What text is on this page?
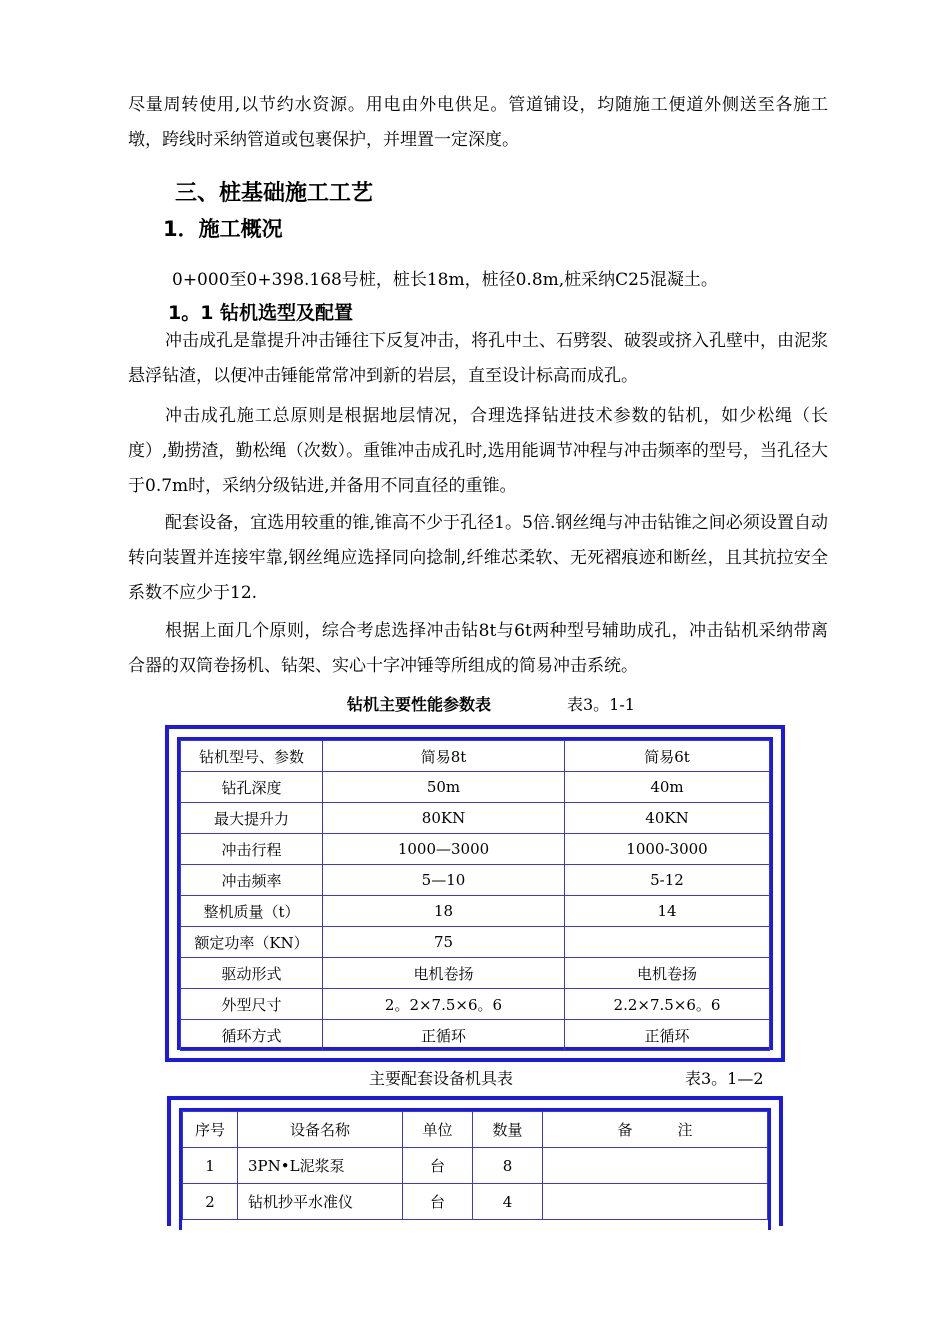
尽量周转使用,以节约水资源。用电由外电供足。管道铺设，均随施工便道外侧送至各施工墩，跨线时采纳管道或包裹保护，并埋置一定深度。

三、桩基础施工工艺
1．施工概况

0+000至0+398.168号桩，桩长18m，桩径0.8m,桩采纳C25混凝土。

1。1 钻机选型及配置

冲击成孔是靠提升冲击锤往下反复冲击，将孔中土、石劈裂、破裂或挤入孔壁中，由泥浆悬浮钻渣，以便冲击锤能常常冲到新的岩层，直至设计标高而成孔。

冲击成孔施工总原则是根据地层情况，合理选择钻进技术参数的钻机，如少松绳（长度）,勤捞渣，勤松绳（次数）。重锥冲击成孔时,选用能调节冲程与冲击频率的型号，当孔径大于0.7m时，采纳分级钻进,并备用不同直径的重锥。

配套设备，宜选用较重的锥,锥高不少于孔径1。5倍.钢丝绳与冲击钻锥之间必须设置自动转向装置并连接牢靠,钢丝绳应选择同向捻制,纤维芯柔软、无死褶痕迹和断丝，且其抗拉安全系数不应少于12.

根据上面几个原则，综合考虑选择冲击钻8t与6t两种型号辅助成孔，冲击钻机采纳带离合器的双筒卷扬机、钻架、实心十字冲锤等所组成的简易冲击系统。

钻机主要性能参数表	表3。1-1
钻机型号、参数	简易8t	简易6t
钻孔深度	50m	40m
最大提升力	80KN	40KN
冲击行程	1000—3000	1000-3000
冲击频率	5—10	5-12
整机质量（t）	18	14
额定功率（KN）	75	
驱动形式	电机卷扬	电机卷扬
外型尺寸	2。2×7.5×6。6	2.2×7.5×6。6
循环方式	正循环	正循环
主要配套设备机具表	表3。1—2
序号	设备名称	单位	数量	备　　　注
1	3PN•L泥浆泵	台	8	
2	钻机抄平水准仪	台	4	
